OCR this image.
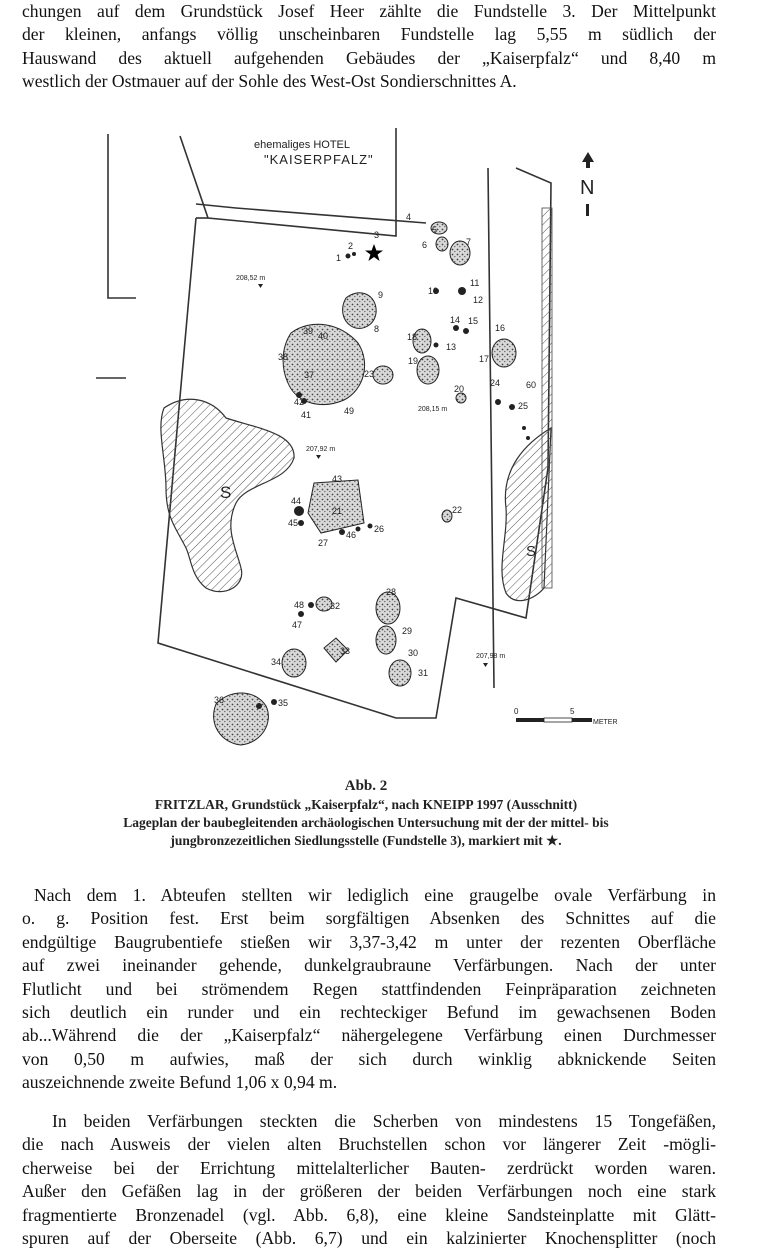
chungen auf dem Grundstück Josef Heer zählte die Fundstelle 3. Der Mittelpunkt
der kleinen, anfangs völlig unscheinbaren Fundstelle lag 5,55 m südlich der
Hauswand des aktuell aufgehenden Gebäudes der „Kaiserpfalz“ und 8,40 m
westlich der Ostmauer auf der Sohle des West-Ost Sondierschnittes A.
ehemaliges HOTEL
"KAISERPFALZ"
N
S
S
208,52 m
208,15 m
207,92 m
207,98 m
1
2
3
4
5
6	7
8
9	10
11
12
13
14 15
16
17
18
19
20
21	22
23
24
25
26
27
28
29
30
31
32
33
34
35
36
37
38
39 40
41
42
43
44
45
46
47
48
49
60
0	5
METER
Abb. 2
FRITZLAR, Grundstück „Kaiserpfalz“, nach KNEIPP 1997 (Ausschnitt)
Lageplan der baubegleitenden archäologischen Untersuchung mit der der mittel- bis
jungbronzezeitlichen Siedlungsstelle (Fundstelle 3), markiert mit ★.
Nach dem 1. Abteufen stellten wir lediglich eine graugelbe ovale Verfärbung in
o. g. Position fest. Erst beim sorgfältigen Absenken des Schnittes auf die
endgültige Baugrubentiefe stießen wir 3,37-3,42 m unter der rezenten Oberfläche
auf zwei ineinander gehende, dunkelgraubraune Verfärbungen. Nach der unter
Flutlicht und bei strömendem Regen stattfindenden Feinpräparation zeichneten
sich deutlich ein runder und ein rechteckiger Befund im gewachsenen Boden
ab...Während die der „Kaiserpfalz“ nähergelegene Verfärbung einen Durchmesser
von 0,50 m aufwies, maß der sich durch winklig abknickende Seiten
auszeichnende zweite Befund 1,06 x 0,94 m.
In beiden Verfärbungen steckten die Scherben von mindestens 15 Tongefäßen,
die nach Ausweis der vielen alten Bruchstellen schon vor längerer Zeit -mögli-
cherweise bei der Errichtung mittelalterlicher Bauten- zerdrückt worden waren.
Außer den Gefäßen lag in der größeren der beiden Verfärbungen noch eine stark
fragmentierte Bronzenadel (vgl. Abb. 6,8), eine kleine Sandsteinplatte mit Glätt-
spuren auf der Oberseite (Abb. 6,7) und ein kalzinierter Knochensplitter (noch
